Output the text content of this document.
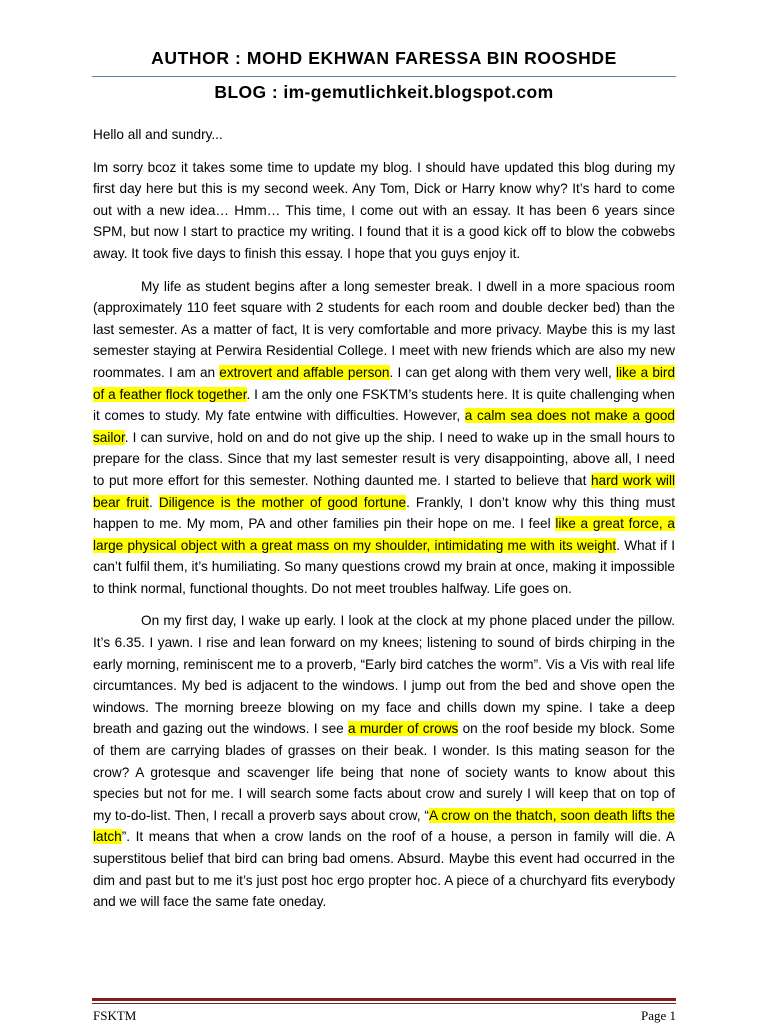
AUTHOR : MOHD EKHWAN FARESSA BIN ROOSHDE
BLOG : im-gemutlichkeit.blogspot.com

Hello all and sundry...

Im sorry bcoz it takes some time to update my blog. I should have updated this blog during my first day here but this is my second week. Any Tom, Dick or Harry know why? It’s hard to come out with a new idea… Hmm… This time, I come out with an essay. It has been 6 years since SPM, but now I start to practice my writing. I found that it is a good kick off to blow the cobwebs away. It took five days to finish this essay. I hope that you guys enjoy it.

My life as student begins after a long semester break. I dwell in a more spacious room (approximately 110 feet square with 2 students for each room and double decker bed) than the last semester. As a matter of fact, It is very comfortable and more privacy. Maybe this is my last semester staying at Perwira Residential College. I meet with new friends which are also my new roommates. I am an extrovert and affable person. I can get along with them very well, like a bird of a feather flock together. I am the only one FSKTM’s students here. It is quite challenging when it comes to study. My fate entwine with difficulties. However, a calm sea does not make a good sailor. I can survive, hold on and do not give up the ship. I need to wake up in the small hours to prepare for the class. Since that my last semester result is very disappointing, above all, I need to put more effort for this semester. Nothing daunted me. I started to believe that hard work will bear fruit. Diligence is the mother of good fortune. Frankly, I don’t know why this thing must happen to me. My mom, PA and other families pin their hope on me. I feel like a great force, a large physical object with a great mass on my shoulder, intimidating me with its weight. What if I can’t fulfil them, it’s humiliating. So many questions crowd my brain at once, making it impossible to think normal, functional thoughts. Do not meet troubles halfway. Life goes on.

On my first day, I wake up early. I look at the clock at my phone placed under the pillow. It’s 6.35. I yawn. I rise and lean forward on my knees; listening to sound of birds chirping in the early morning, reminiscent me to a proverb, “Early bird catches the worm”. Vis a Vis with real life circumtances. My bed is adjacent to the windows. I jump out from the bed and shove open the windows. The morning breeze blowing on my face and chills down my spine. I take a deep breath and gazing out the windows. I see a murder of crows on the roof beside my block. Some of them are carrying blades of grasses on their beak. I wonder. Is this mating season for the crow? A grotesque and scavenger life being that none of society wants to know about this species but not for me. I will search some facts about crow and surely I will keep that on top of my to-do-list. Then, I recall a proverb says about crow, “A crow on the thatch, soon death lifts the latch”. It means that when a crow lands on the roof of a house, a person in family will die. A superstitous belief that bird can bring bad omens. Absurd. Maybe this event had occurred in the dim and past but to me it’s just post hoc ergo propter hoc. A piece of a churchyard fits everybody and we will face the same fate oneday.

FSKTM	Page 1
